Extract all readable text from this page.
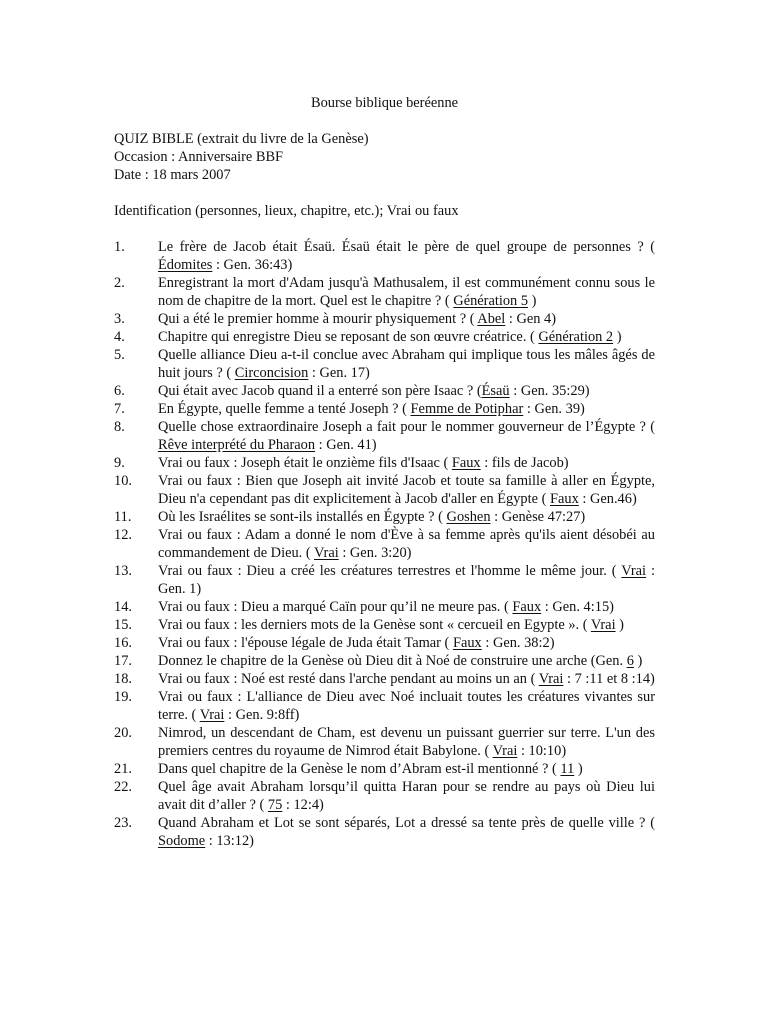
Bourse biblique beréenne
QUIZ BIBLE (extrait du livre de la Genèse)
Occasion : Anniversaire BBF
Date : 18 mars 2007
Identification (personnes, lieux, chapitre, etc.); Vrai ou faux
1.	Le frère de Jacob était Ésaü. Ésaü était le père de quel groupe de personnes ? ( Édomites : Gen. 36:43)
2.	Enregistrant la mort d'Adam jusqu'à Mathusalem, il est communément connu sous le nom de chapitre de la mort. Quel est le chapitre ? ( Génération 5 )
3.	Qui a été le premier homme à mourir physiquement ? ( Abel : Gen 4)
4.	Chapitre qui enregistre Dieu se reposant de son œuvre créatrice. ( Génération 2 )
5.	Quelle alliance Dieu a-t-il conclue avec Abraham qui implique tous les mâles âgés de huit jours ? ( Circoncision : Gen. 17)
6.	Qui était avec Jacob quand il a enterré son père Isaac ? (Ésaü : Gen. 35:29)
7.	En Égypte, quelle femme a tenté Joseph ? ( Femme de Potiphar : Gen. 39)
8.	Quelle chose extraordinaire Joseph a fait pour le nommer gouverneur de l’Égypte ? ( Rêve interprété du Pharaon : Gen. 41)
9.	Vrai ou faux : Joseph était le onzième fils d'Isaac ( Faux : fils de Jacob)
10.	Vrai ou faux : Bien que Joseph ait invité Jacob et toute sa famille à aller en Égypte, Dieu n'a cependant pas dit explicitement à Jacob d'aller en Égypte ( Faux : Gen.46)
11.	Où les Israélites se sont-ils installés en Égypte ? ( Goshen : Genèse 47:27)
12.	Vrai ou faux : Adam a donné le nom d'Ève à sa femme après qu'ils aient désobéi au commandement de Dieu. ( Vrai : Gen. 3:20)
13.	Vrai ou faux : Dieu a créé les créatures terrestres et l'homme le même jour. ( Vrai : Gen. 1)
14.	Vrai ou faux : Dieu a marqué Caïn pour qu’il ne meure pas. ( Faux : Gen. 4:15)
15.	Vrai ou faux : les derniers mots de la Genèse sont « cercueil en Egypte ». ( Vrai )
16.	Vrai ou faux : l'épouse légale de Juda était Tamar ( Faux : Gen. 38:2)
17.	Donnez le chapitre de la Genèse où Dieu dit à Noé de construire une arche (Gen. 6 )
18.	Vrai ou faux : Noé est resté dans l'arche pendant au moins un an ( Vrai : 7 :11 et 8 :14)
19.	Vrai ou faux : L'alliance de Dieu avec Noé incluait toutes les créatures vivantes sur terre. ( Vrai : Gen. 9:8ff)
20.	Nimrod, un descendant de Cham, est devenu un puissant guerrier sur terre. L'un des premiers centres du royaume de Nimrod était Babylone. ( Vrai : 10:10)
21.	Dans quel chapitre de la Genèse le nom d’Abram est-il mentionné ? ( 11 )
22.	Quel âge avait Abraham lorsqu’il quitta Haran pour se rendre au pays où Dieu lui avait dit d’aller ? ( 75 : 12:4)
23.	Quand Abraham et Lot se sont séparés, Lot a dressé sa tente près de quelle ville ? ( Sodome : 13:12)
